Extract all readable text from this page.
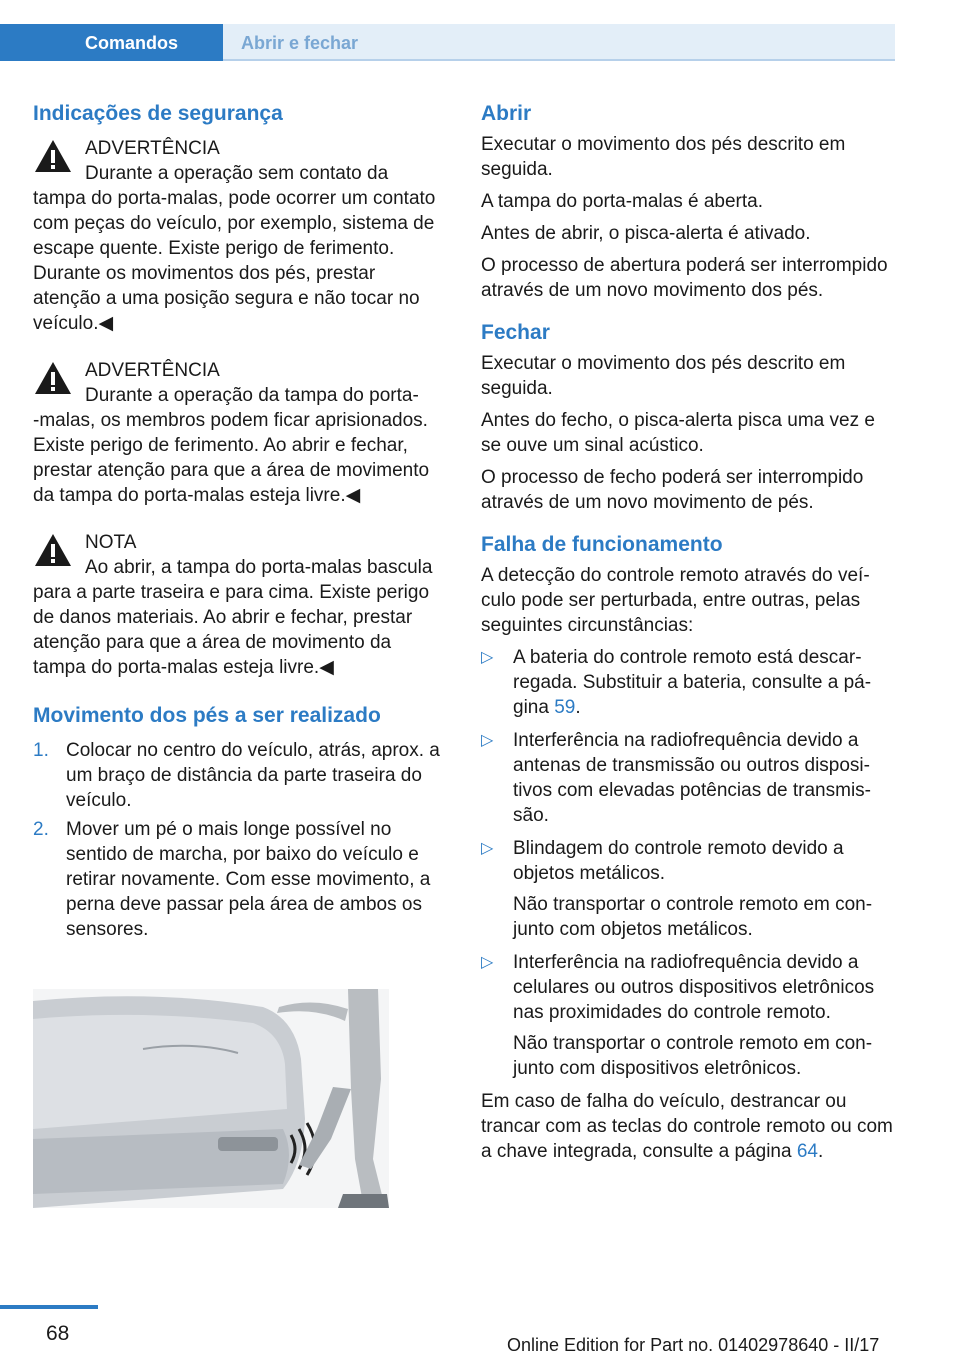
Comandos	Abrir e fechar
Indicações de segurança
ADVERTÊNCIA
Durante a operação sem contato da
tampa do porta-malas, pode ocorrer um contato com peças do veículo, por exemplo, sistema de escape quente. Existe perigo de ferimento. Durante os movimentos dos pés, prestar atenção a uma posição segura e não tocar no veículo.◀
ADVERTÊNCIA
Durante a operação da tampa do porta-
-malas, os membros podem ficar aprisionados. Existe perigo de ferimento. Ao abrir e fechar, prestar atenção para que a área de movimento da tampa do porta-malas esteja livre.◀
NOTA
Ao abrir, a tampa do porta-malas bascula
para a parte traseira e para cima. Existe perigo de danos materiais. Ao abrir e fechar, prestar atenção para que a área de movimento da tampa do porta-malas esteja livre.◀
Movimento dos pés a ser realizado
1. Colocar no centro do veículo, atrás, aprox. a um braço de distância da parte traseira do veículo.
2. Mover um pé o mais longe possível no sentido de marcha, por baixo do veículo e retirar novamente. Com esse movimento, a perna deve passar pela área de ambos os sensores.
Abrir

Executar o movimento dos pés descrito em seguida.

A tampa do porta-malas é aberta.

Antes de abrir, o pisca-alerta é ativado.

O processo de abertura poderá ser interrompido através de um novo movimento dos pés.

Fechar

Executar o movimento dos pés descrito em seguida.

Antes do fecho, o pisca-alerta pisca uma vez e se ouve um sinal acústico.

O processo de fecho poderá ser interrompido através de um novo movimento de pés.

Falha de funcionamento

A detecção do controle remoto através do veículo pode ser perturbada, entre outras, pelas seguintes circunstâncias:

▷ A bateria do controle remoto está descarregada. Substituir a bateria, consulte a página 59.
▷ Interferência na radiofrequência devido a antenas de transmissão ou outros dispositivos com elevadas potências de transmissão.
▷ Blindagem do controle remoto devido a objetos metálicos.

Não transportar o controle remoto em conjunto com objetos metálicos.

▷ Interferência na radiofrequência devido a celulares ou outros dispositivos eletrônicos nas proximidades do controle remoto.

Não transportar o controle remoto em conjunto com dispositivos eletrônicos.

Em caso de falha do veículo, destrancar ou trancar com as teclas do controle remoto ou com a chave integrada, consulte a página 64.

68	Online Edition for Part no. 01402978640 - II/17
